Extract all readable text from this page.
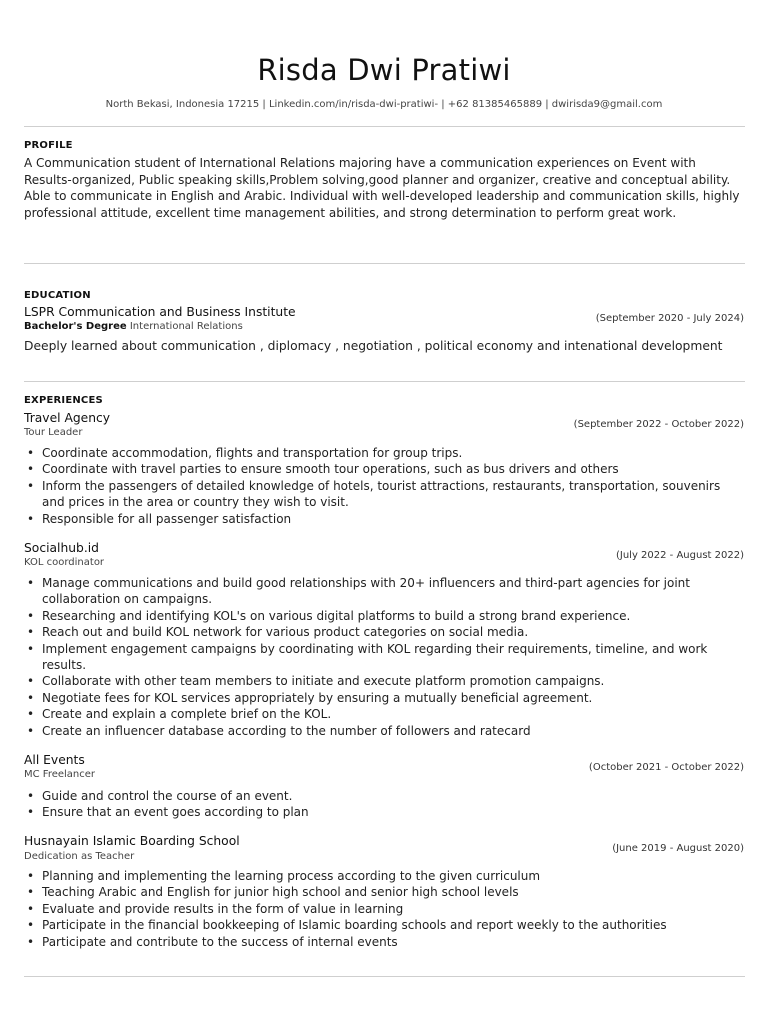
Risda Dwi Pratiwi
North Bekasi, Indonesia 17215 | Linkedin.com/in/risda-dwi-pratiwi- | +62 81385465889 | dwirisda9@gmail.com
PROFILE
A Communication student of International Relations majoring have a communication experiences on Event with Results-organized, Public speaking skills,Problem solving,good planner and organizer, creative and conceptual ability. Able to communicate in English and Arabic. Individual with well-developed leadership and communication skills, highly professional attitude, excellent time management abilities, and strong determination to perform great work.
EDUCATION
LSPR Communication and Business Institute
Bachelor's Degree International Relations
(September 2020 - July 2024)
Deeply learned about communication , diplomacy , negotiation , political economy and intenational development
EXPERIENCES
Travel Agency
Tour Leader
(September 2022 - October 2022)
• Coordinate accommodation, flights and transportation for group trips.
• Coordinate with travel parties to ensure smooth tour operations, such as bus drivers and others
• Inform the passengers of detailed knowledge of hotels, tourist attractions, restaurants, transportation, souvenirs and prices in the area or country they wish to visit.
• Responsible for all passenger satisfaction
Socialhub.id
KOL coordinator
(July 2022 - August 2022)
• Manage communications and build good relationships with 20+ influencers and third-part agencies for joint collaboration on campaigns.
• Researching and identifying KOL's on various digital platforms to build a strong brand experience.
• Reach out and build KOL network for various product categories on social media.
• Implement engagement campaigns by coordinating with KOL regarding their requirements, timeline, and work results.
• Collaborate with other team members to initiate and execute platform promotion campaigns.
• Negotiate fees for KOL services appropriately by ensuring a mutually beneficial agreement.
• Create and explain a complete brief on the KOL.
• Create an influencer database according to the number of followers and ratecard
All Events
MC Freelancer
(October 2021 - October 2022)
• Guide and control the course of an event.
• Ensure that an event goes according to plan
Husnayain Islamic Boarding School
Dedication as Teacher
(June 2019 - August 2020)
• Planning and implementing the learning process according to the given curriculum
• Teaching Arabic and English for junior high school and senior high school levels
• Evaluate and provide results in the form of value in learning
• Participate in the financial bookkeeping of Islamic boarding schools and report weekly to the authorities
• Participate and contribute to the success of internal events
